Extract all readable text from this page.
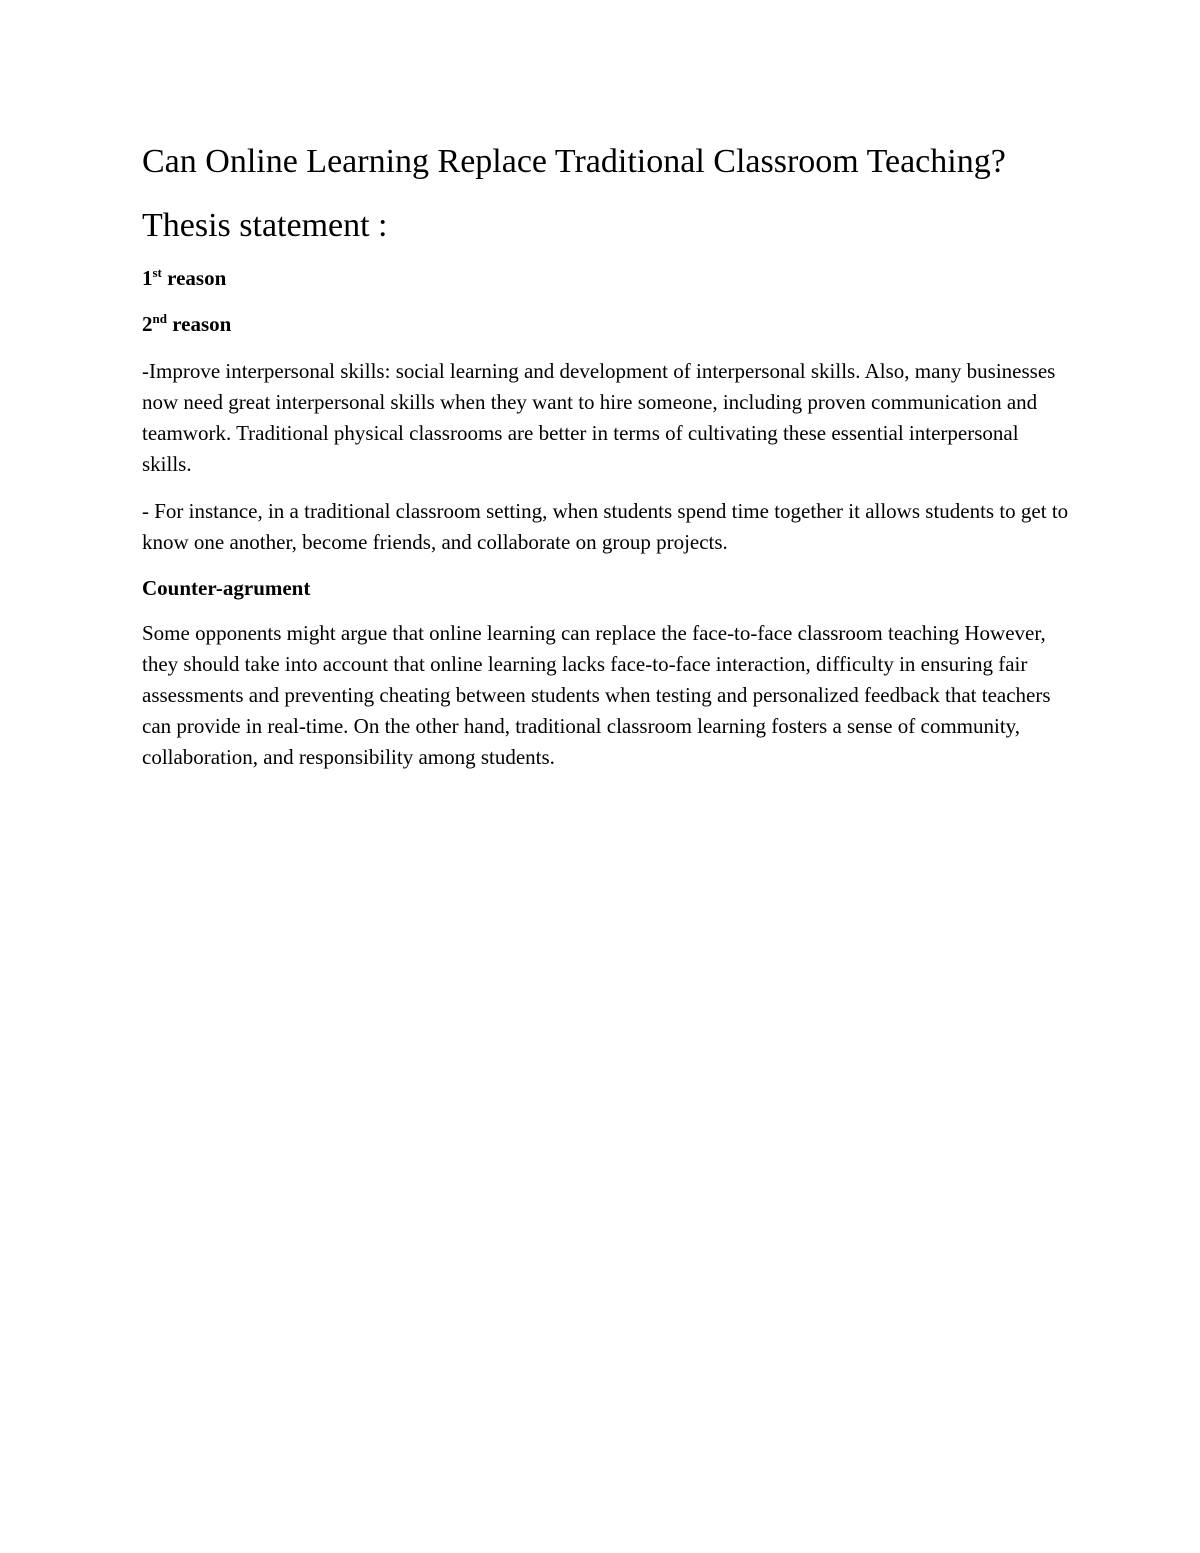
Can Online Learning Replace Traditional Classroom Teaching?
Thesis statement :

1st reason

2nd reason

-Improve interpersonal skills: social learning and development of interpersonal skills. Also, many businesses now need great interpersonal skills when they want to hire someone, including proven communication and teamwork. Traditional physical classrooms are better in terms of cultivating these essential interpersonal skills.

- For instance, in a traditional classroom setting, when students spend time together it allows students to get to know one another, become friends, and collaborate on group projects.

Counter-agrument

Some opponents might argue that online learning can replace the face-to-face classroom teaching However, they should take into account that online learning lacks face-to-face interaction, difficulty in ensuring fair assessments and preventing cheating between students when testing and personalized feedback that teachers can provide in real-time. On the other hand, traditional classroom learning fosters a sense of community, collaboration, and responsibility among students.
